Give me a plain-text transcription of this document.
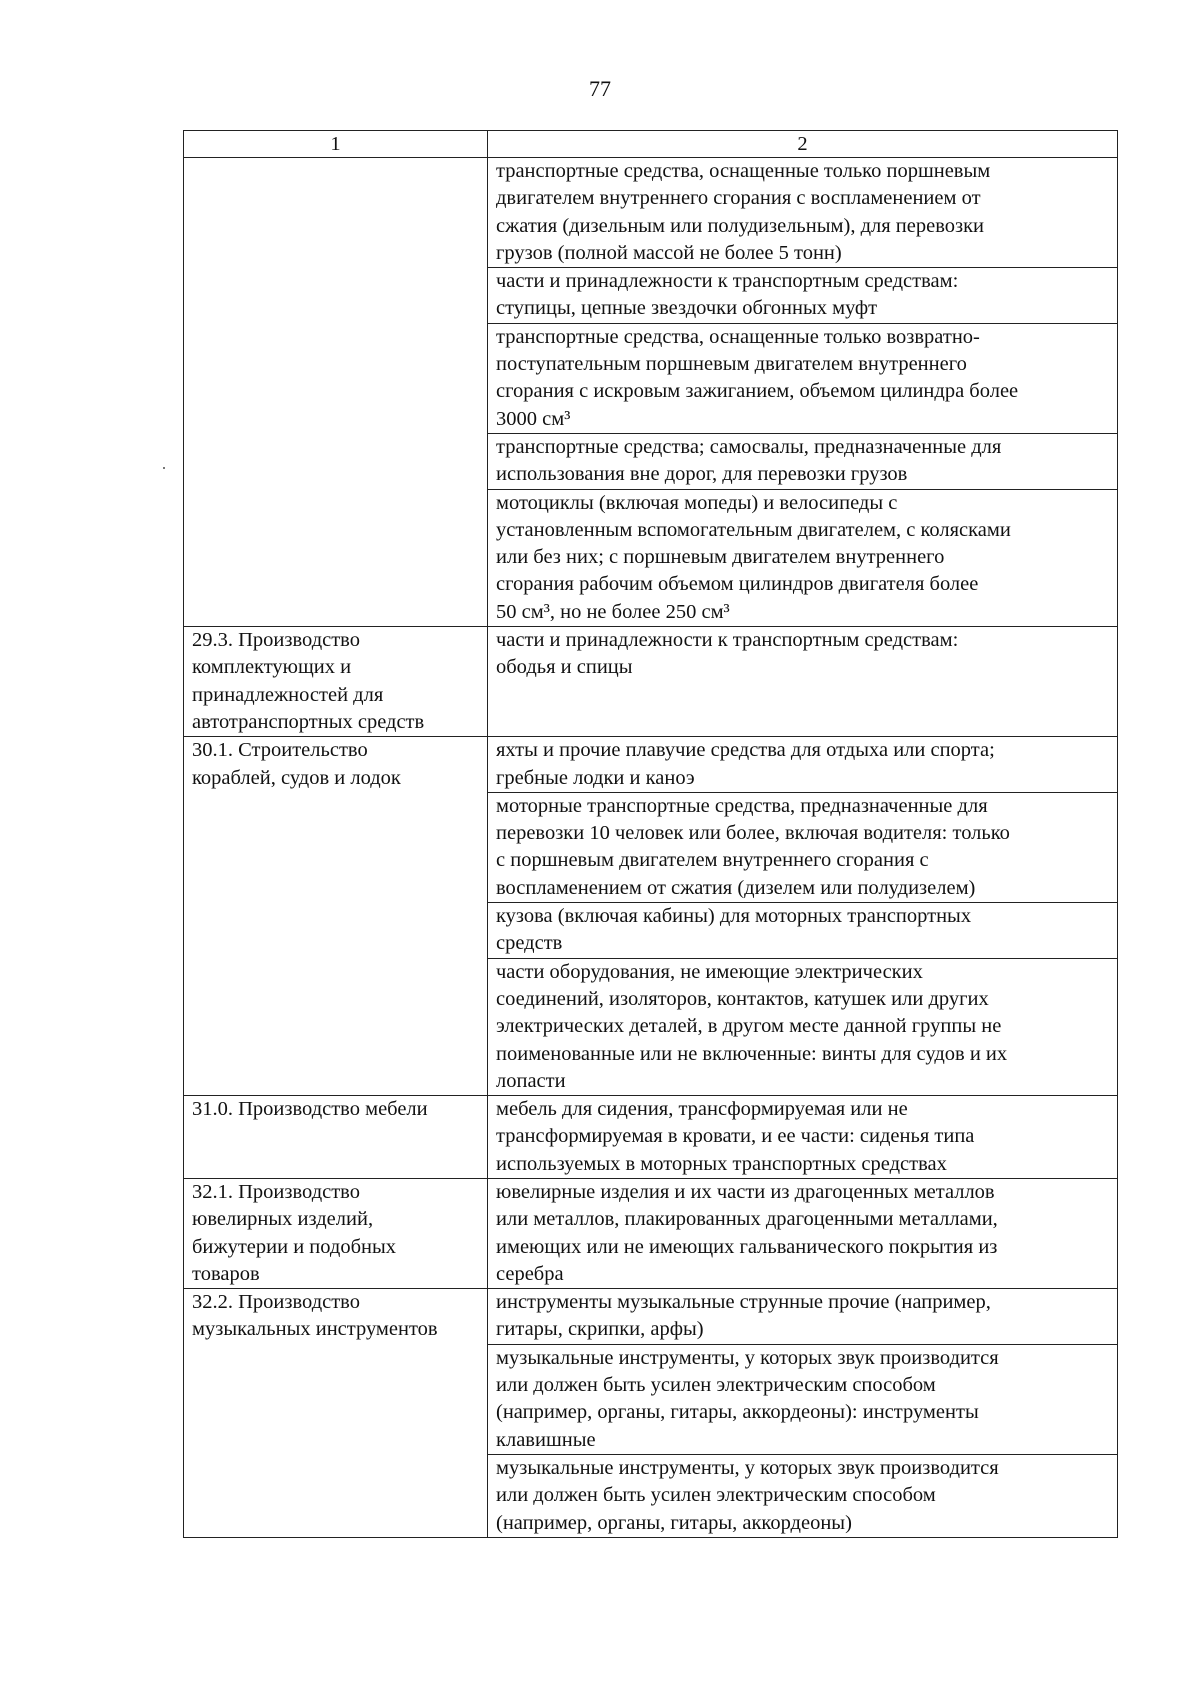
77
1	2

	транспортные средства, оснащенные только поршневым
двигателем внутреннего сгорания с воспламенением от
сжатия (дизельным или полудизельным), для перевозки
грузов (полной массой не более 5 тонн)

	части и принадлежности к транспортным средствам:
ступицы, цепные звездочки обгонных муфт

	транспортные средства, оснащенные только возвратно-
поступательным поршневым двигателем внутреннего
сгорания с искровым зажиганием, объемом цилиндра более
3000 см³

	транспортные средства; самосвалы, предназначенные для
использования вне дорог, для перевозки грузов

	мотоциклы (включая мопеды) и велосипеды с
установленным вспомогательным двигателем, с колясками
или без них; с поршневым двигателем внутреннего
сгорания рабочим объемом цилиндров двигателя более
50 см³, но не более 250 см³

29.3. Производство
комплектующих и
принадлежностей для
автотранспортных средств	части и принадлежности к транспортным средствам:
ободья и спицы

30.1. Строительство
кораблей, судов и лодок	яхты и прочие плавучие средства для отдыха или спорта;
гребные лодки и каноэ

	моторные транспортные средства, предназначенные для
перевозки 10 человек или более, включая водителя: только
с поршневым двигателем внутреннего сгорания с
воспламенением от сжатия (дизелем или полудизелем)

	кузова (включая кабины) для моторных транспортных
средств

	части оборудования, не имеющие электрических
соединений, изоляторов, контактов, катушек или других
электрических деталей, в другом месте данной группы не
поименованные или не включенные: винты для судов и их
лопасти

31.0. Производство мебели	мебель для сидения, трансформируемая или не
трансформируемая в кровати, и ее части: сиденья типа
используемых в моторных транспортных средствах

32.1. Производство
ювелирных изделий,
бижутерии и подобных
товаров	ювелирные изделия и их части из драгоценных металлов
или металлов, плакированных драгоценными металлами,
имеющих или не имеющих гальванического покрытия из
серебра

32.2. Производство
музыкальных инструментов	инструменты музыкальные струнные прочие (например,
гитары, скрипки, арфы)

	музыкальные инструменты, у которых звук производится
или должен быть усилен электрическим способом
(например, органы, гитары, аккордеоны): инструменты
клавишные

	музыкальные инструменты, у которых звук производится
или должен быть усилен электрическим способом
(например, органы, гитары, аккордеоны)
